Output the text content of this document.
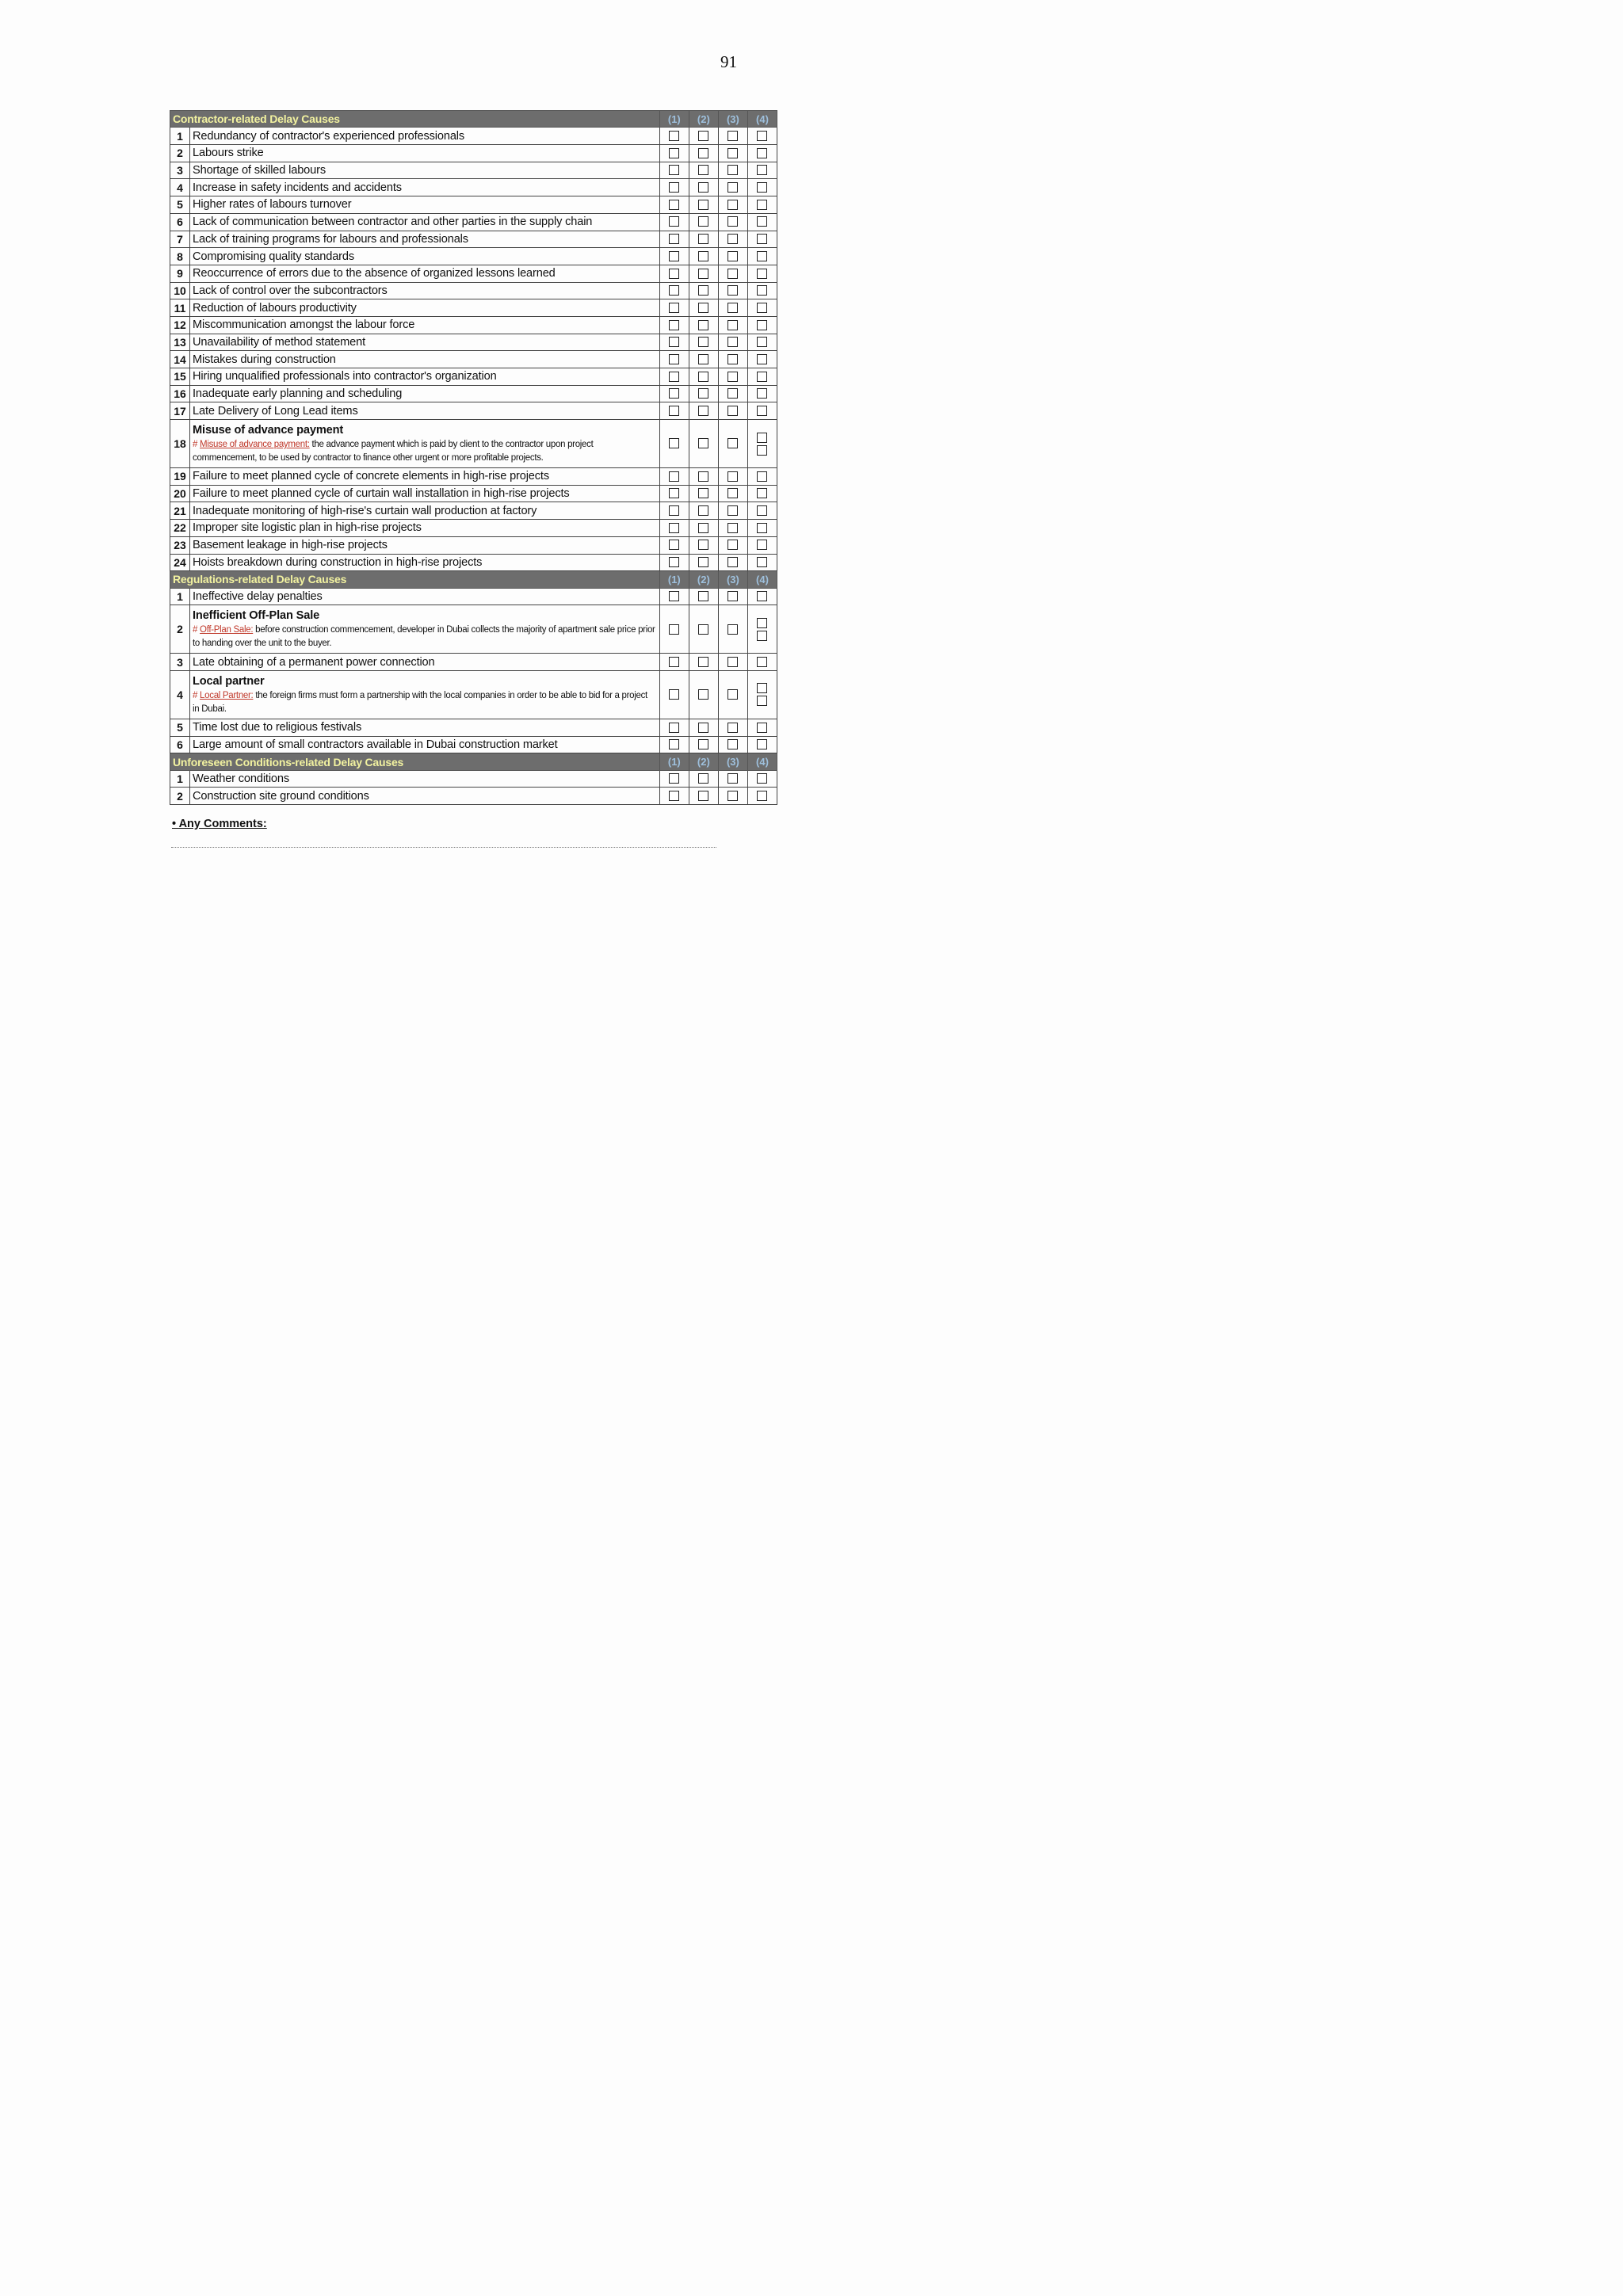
91
Contractor-related Delay Causes		(1)	(2)	(3)	(4)
1	Redundancy of contractor's experienced professionals				
2	Labours strike				
3	Shortage of skilled labours				
4	Increase in safety incidents and accidents				
5	Higher rates of labours turnover				
6	Lack of communication between contractor and other parties in the supply chain				
7	Lack of training programs for labours and professionals				
8	Compromising quality standards				
9	Reoccurrence of errors due to the absence of organized lessons learned				
10	Lack of control over the subcontractors				
11	Reduction of labours productivity				
12	Miscommunication amongst the labour force				
13	Unavailability of method statement				
14	Mistakes during construction				
15	Hiring unqualified professionals into contractor's organization				
16	Inadequate early planning and scheduling				
17	Late Delivery of Long Lead items				
18	Misuse of advance payment
# Misuse of advance payment: the advance payment which is paid by client to the contractor upon project commencement, to be used by contractor to finance other urgent or more profitable projects.				

19	Failure to meet planned cycle of concrete elements in high-rise projects				
20	Failure to meet planned cycle of curtain wall installation in high-rise projects				
21	Inadequate monitoring of high-rise's curtain wall production at factory				
22	Improper site logistic plan in high-rise projects				
23	Basement leakage in high-rise projects				
24	Hoists breakdown during construction in high-rise projects				
Regulations-related Delay Causes		(1)	(2)	(3)	(4)
1	Ineffective delay penalties				
2	Inefficient Off-Plan Sale
# Off-Plan Sale: before construction commencement, developer in Dubai collects the majority of apartment sale price prior to handing over the unit to the buyer.				

3	Late obtaining of a permanent power connection				
4	Local partner
# Local Partner: the foreign firms must form a partnership with the local companies in order to be able to bid for a project in Dubai.				

5	Time lost due to religious festivals				
6	Large amount of small contractors available in Dubai construction market				
Unforeseen Conditions-related Delay Causes		(1)	(2)	(3)	(4)
1	Weather conditions				
2	Construction site ground conditions				
• Any Comments:
